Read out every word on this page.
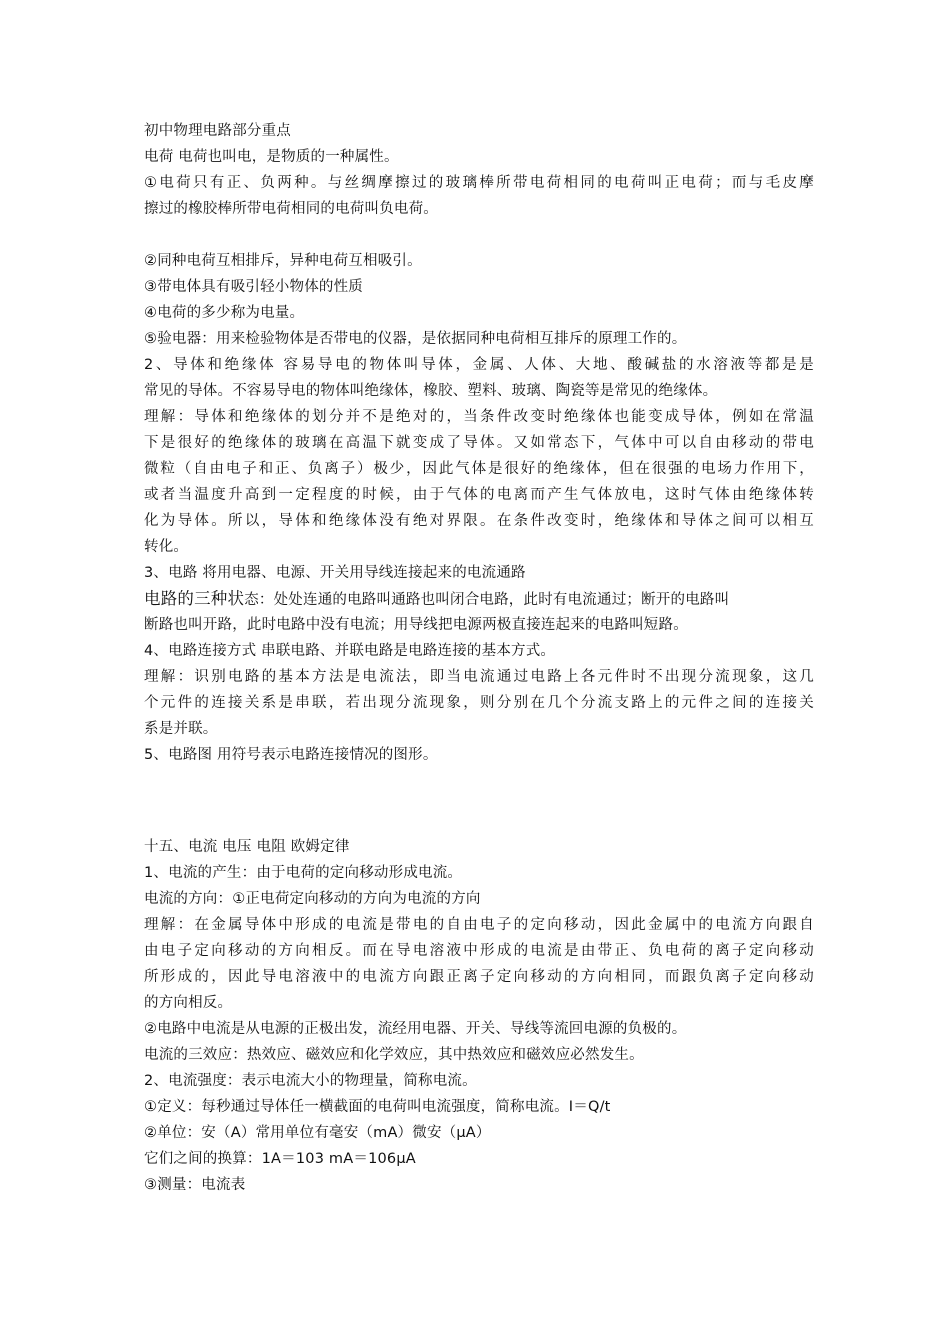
初中物理电路部分重点
电荷 电荷也叫电，是物质的一种属性。
①电荷只有正、负两种。与丝绸摩擦过的玻璃棒所带电荷相同的电荷叫正电荷；而与毛皮摩
擦过的橡胶棒所带电荷相同的电荷叫负电荷。
②同种电荷互相排斥，异种电荷互相吸引。
③带电体具有吸引轻小物体的性质
④电荷的多少称为电量。
⑤验电器：用来检验物体是否带电的仪器，是依据同种电荷相互排斥的原理工作的。
2、导体和绝缘体 容易导电的物体叫导体，金属、人体、大地、酸碱盐的水溶液等都是是
常见的导体。不容易导电的物体叫绝缘体，橡胶、塑料、玻璃、陶瓷等是常见的绝缘体。
理解：导体和绝缘体的划分并不是绝对的，当条件改变时绝缘体也能变成导体，例如在常温
下是很好的绝缘体的玻璃在高温下就变成了导体。又如常态下，气体中可以自由移动的带电
微粒（自由电子和正、负离子）极少，因此气体是很好的绝缘体，但在很强的电场力作用下，
或者当温度升高到一定程度的时候，由于气体的电离而产生气体放电，这时气体由绝缘体转
化为导体。所以，导体和绝缘体没有绝对界限。在条件改变时，绝缘体和导体之间可以相互
转化。
3、电路 将用电器、电源、开关用导线连接起来的电流通路
电路的三种状态：处处连通的电路叫通路也叫闭合电路，此时有电流通过；断开的电路叫
断路也叫开路，此时电路中没有电流；用导线把电源两极直接连起来的电路叫短路。
4、电路连接方式 串联电路、并联电路是电路连接的基本方式。
理解：识别电路的基本方法是电流法，即当电流通过电路上各元件时不出现分流现象，这几
个元件的连接关系是串联，若出现分流现象，则分别在几个分流支路上的元件之间的连接关
系是并联。
5、电路图 用符号表示电路连接情况的图形。
十五、电流 电压 电阻 欧姆定律
1、电流的产生：由于电荷的定向移动形成电流。
电流的方向：①正电荷定向移动的方向为电流的方向
理解：在金属导体中形成的电流是带电的自由电子的定向移动，因此金属中的电流方向跟自
由电子定向移动的方向相反。而在导电溶液中形成的电流是由带正、负电荷的离子定向移动
所形成的，因此导电溶液中的电流方向跟正离子定向移动的方向相同，而跟负离子定向移动
的方向相反。
②电路中电流是从电源的正极出发，流经用电器、开关、导线等流回电源的负极的。
电流的三效应：热效应、磁效应和化学效应，其中热效应和磁效应必然发生。
2、电流强度：表示电流大小的物理量，简称电流。
①定义：每秒通过导体任一横截面的电荷叫电流强度，简称电流。I＝Q/t
②单位：安（A）常用单位有毫安（mA）微安（μA）
它们之间的换算：1A＝103 mA＝106μA
③测量：电流表
